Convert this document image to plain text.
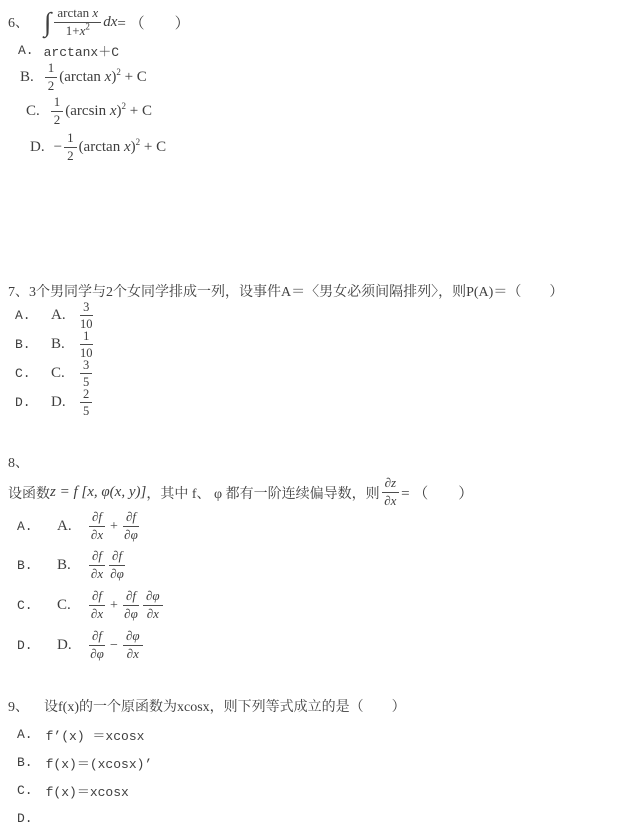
6、 ∫ $\frac{\text{arctan x}}{1+x^2}$ dx = （　　）
A. arctanx＋C
B. $\frac{1}{2} (\arctan$ x)$^2$ + C
C. $\frac{1}{2} (\arcsin$ x)$^2$ + C
D. − $\frac{1}{2} (\arctan$ x)$^2$ + C
7、 3个男同学与2个女同学排成一列，设事件A＝〈男女必须间隔排列〉，则P(A)＝（　　）
A.	A.	$\frac{3}{10}$
B.	B.	$\frac{1}{10}$
C.	C.	$\frac{3}{5}$
D.	D.	$\frac{2}{5}$
8、
设函数 z = f [x, φ(x, y)] ，其中 f、 φ 都有一阶连续偏导数，则 $\frac{\partial z}{\partial x}$ = （　　）
A.	A.	$\frac{\partial f}{\partial x} + \frac{\partial f}{\partial\varphi}$
B.	B.	$\frac{\partial f}{\partial x} \frac{\partial f}{\partial\varphi}$
C.	C.	$\frac{\partial f}{\partial x} + \frac{\partial f}{\partial\varphi} \frac{\partial\varphi}{\partial x}$
D.	D.	$\frac{\partial f}{\partial\varphi} - \frac{\partial\varphi}{\partial x}$
9、 设f(x)的一个原函数为xcosx，则下列等式成立的是（　　）
A. f’(x) ＝xcosx
B. f(x)＝(xcosx)’
C. f(x)＝xcosx
D.
